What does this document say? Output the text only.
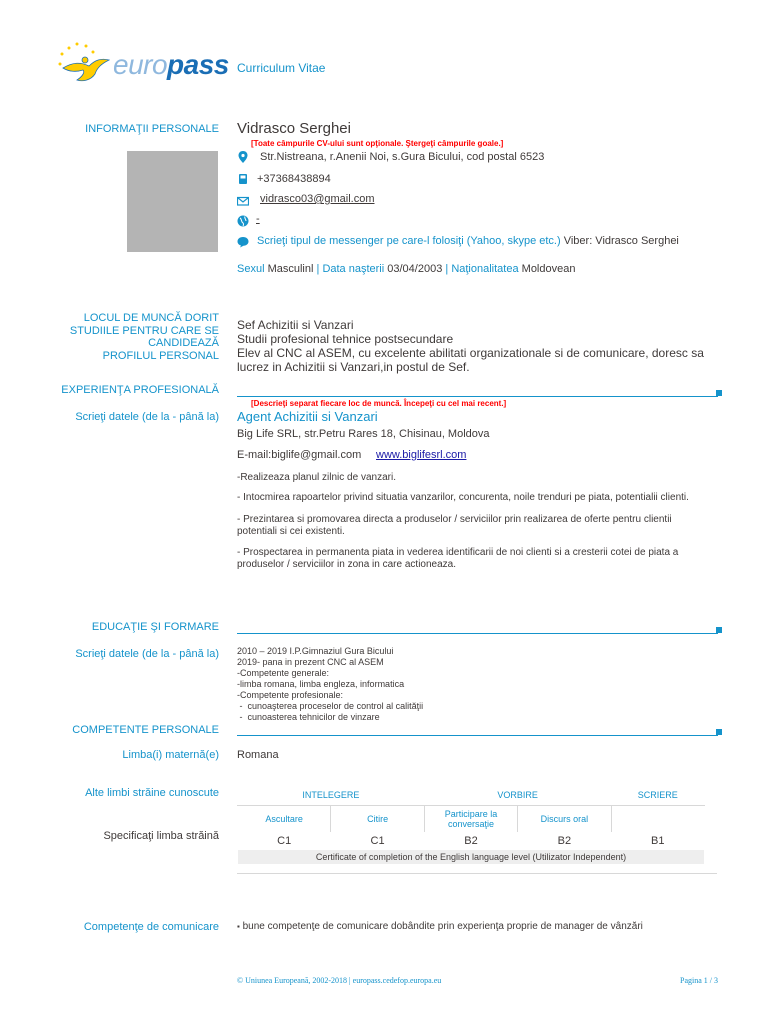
europass Curriculum Vitae
INFORMAŢII PERSONALE Vidrasco Serghei
[Toate câmpurile CV-ului sunt opţionale. Ştergeţi câmpurile goale.]
Str.Nistreana, r.Anenii Noi, s.Gura Bicului, cod postal 6523
+37368438894
vidrasco03@gmail.com
-
Scrieţi tipul de messenger pe care-l folosiţi (Yahoo, skype etc.) Viber: Vidrasco Serghei
Sexul Masculinl | Data naşterii 03/04/2003 | Naţionalitatea Moldovean
LOCUL DE MUNCĂ DORIT
STUDIILE PENTRU CARE SE
CANDIDEAZĂ
PROFILUL PERSONAL
Sef Achizitii si Vanzari
Studii profesional tehnice postsecundare
Elev al CNC al ASEM, cu excelente abilitati organizationale si de comunicare, doresc sa
lucrez in Achizitii si Vanzari,in postul de Sef.
EXPERIENŢA PROFESIONALĂ
[Descrieţi separat fiecare loc de muncă. Începeţi cu cel mai recent.]
Scrieţi datele (de la - până la) Agent Achizitii si Vanzari
Big Life SRL, str.Petru Rares 18, Chisinau, Moldova
E-mail:biglife@gmail.com www.biglifesrl.com
-Realizeaza planul zilnic de vanzari.
- Intocmirea rapoartelor privind situatia vanzarilor, concurenta, noile trenduri pe piata, potentialii clienti.
- Prezintarea si promovarea directa a produselor / serviciilor prin realizarea de oferte pentru clientii
potentiali si cei existenti.
- Prospectarea in permanenta piata in vederea identificarii de noi clienti si a cresterii cotei de piata a
produselor / serviciilor in zona in care actioneaza.
EDUCAŢIE ŞI FORMARE
Scrieţi datele (de la - până la) 2010 – 2019 I.P.Gimnaziul Gura Bicului
2019- pana in prezent CNC al ASEM
-Competente generale:
-limba romana, limba engleza, informatica
-Competente profesionale:
-  cunoaşterea proceselor de control al calităţii
-  cunoasterea tehnicilor de vinzare
COMPETENTE PERSONALE
Limba(i) maternă(e) Romana
Alte limbi străine cunoscute
Specificaţi limba străină
INTELEGERE		VORBIRE		SCRIERE
Ascultare	Citire	Participare la conversaţie	Discurs oral	
C1	C1	B2	B2	B1
Certificate of completion of the English language level (Utilizator Independent)				
Competenţe de comunicare ▪ bune competenţe de comunicare dobândite prin experienţa proprie de manager de vânzări
© Uniunea Europeană, 2002-2018 | europass.cedefop.europa.eu	Pagina 1 / 3
